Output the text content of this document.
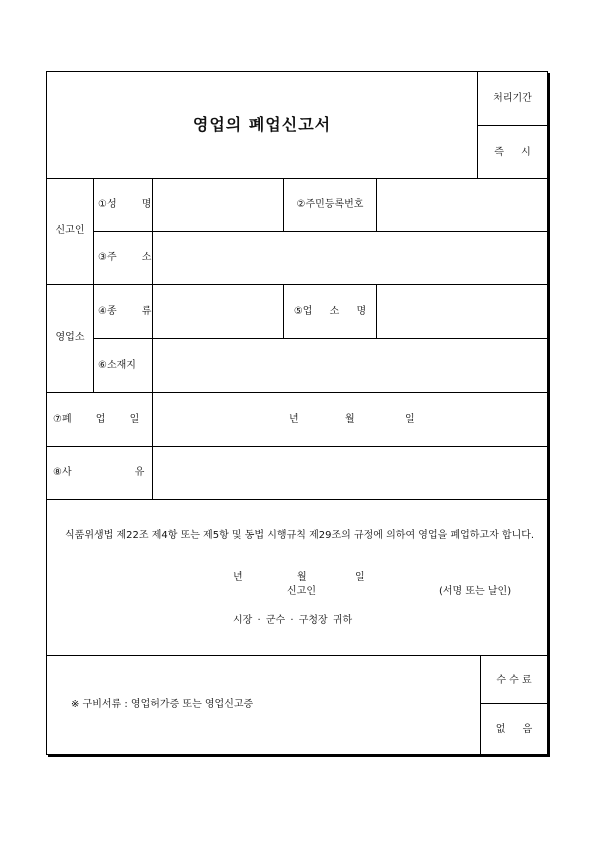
영업의 폐업신고서
처리기간
즉 시
신고인
①성 명	②주민등록번호
③주 소
영업소
④종 류	⑤업 소 명
⑥소재지
⑦폐 업 일	년	월	일
⑧사 유
식품위생법 제22조 제4항 또는 제5항 및 동법 시행규칙 제29조의 규정에 의하여 영업을 폐업하고자 합니다.
년	월	일
신고인	(서명 또는 날인)
시장 · 군수 · 구청장 귀하
※ 구비서류 : 영업허가증 또는 영업신고증
수 수 료
없 음
